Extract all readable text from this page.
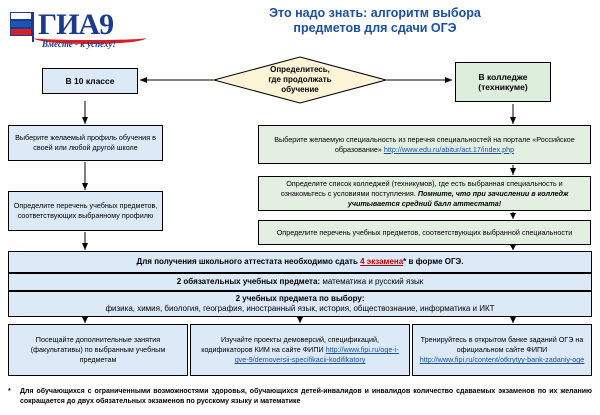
ГИА9
Вместе - к успеху!
Это надо знать: алгоритм выбора
предметов для сдачи ОГЭ
Определитесь,
где продолжать
обучение
В 10 классе	В колледже
(техникуме)
Выберите желаемый профиль обучения в своей или любой другой школе
Определите перечень учебных предметов, соответствующих выбранному профилю
Выберите желаемую специальность из перечня специальностей на портале «Российское образование» http://www.edu.ru/abitur/act.17/index.php
Определите список колледжей (техникумов), где есть выбранная специальность и ознакомьтесь с условиями поступления. Помните, что при зачислении в колледж учитывается средний балл аттестата!
Определите перечень учебных предметов, соответствующих выбранной специальности
Для получения школьного аттестата необходимо сдать 4 экзамена* в форме ОГЭ.
2 обязательных учебных предмета: математика и русский язык
2 учебных предмета по выбору:
физика, химия, биология, география, иностранный язык, история, обществознание, информатика и ИКТ
Посещайте дополнительные занятия (факультативы) по выбранным учебным предметам
Изучайте проекты демоверсий, спецификаций, кодификаторов КИМ на сайте ФИПИ http://www.fipi.ru/oge-i-gve-9/demoversii-specifikacii-kodifikatory
Тренируйтесь в открытом банке заданий ОГЭ на официальном сайте ФИПИ http://www.fipi.ru/content/otkrytyy-bank-zadaniy-oge
* Для обучающихся с ограниченными возможностями здоровья, обучающихся детей-инвалидов и инвалидов количество сдаваемых экзаменов по их желанию сокращается до двух обязательных экзаменов по русскому языку и математике
